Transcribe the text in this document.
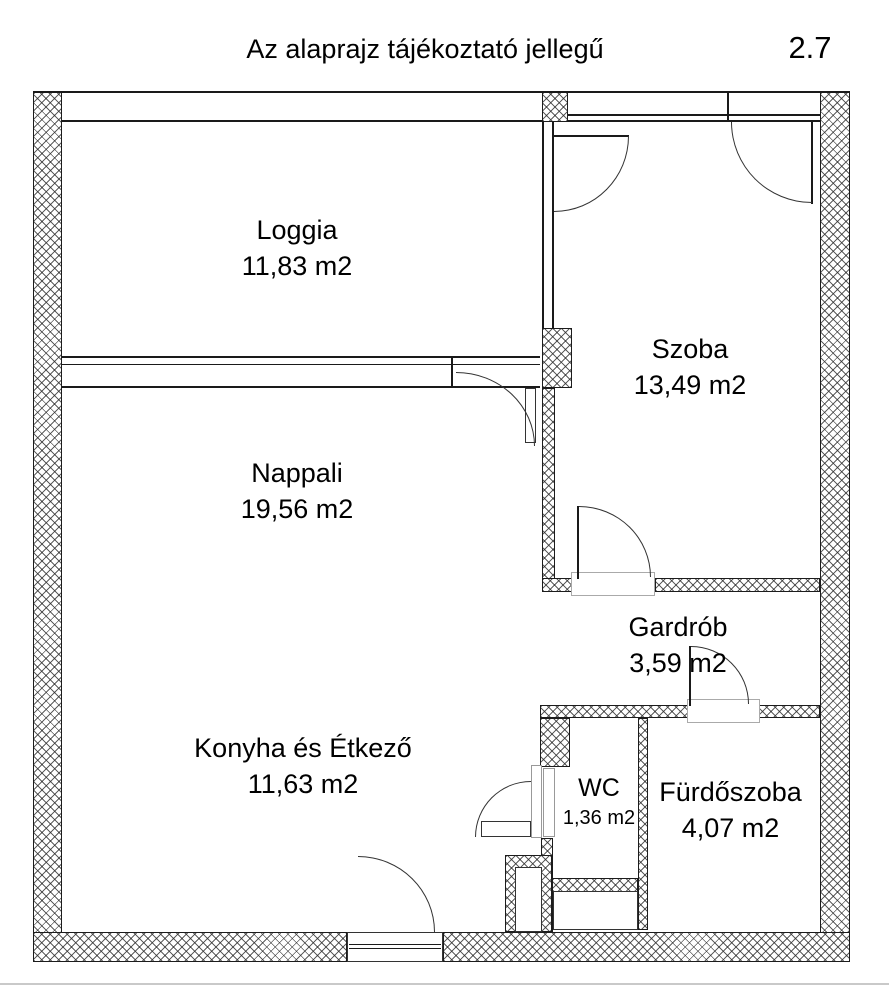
Az alaprajz tájékoztató jellegű	2.7
Loggia
11,83 m2
Szoba
13,49 m2
Nappali
19,56 m2
Gardrób
3,59 m2
Konyha és Étkező
11,63 m2	WC
1,36 m2
Fürdőszoba
4,07 m2
